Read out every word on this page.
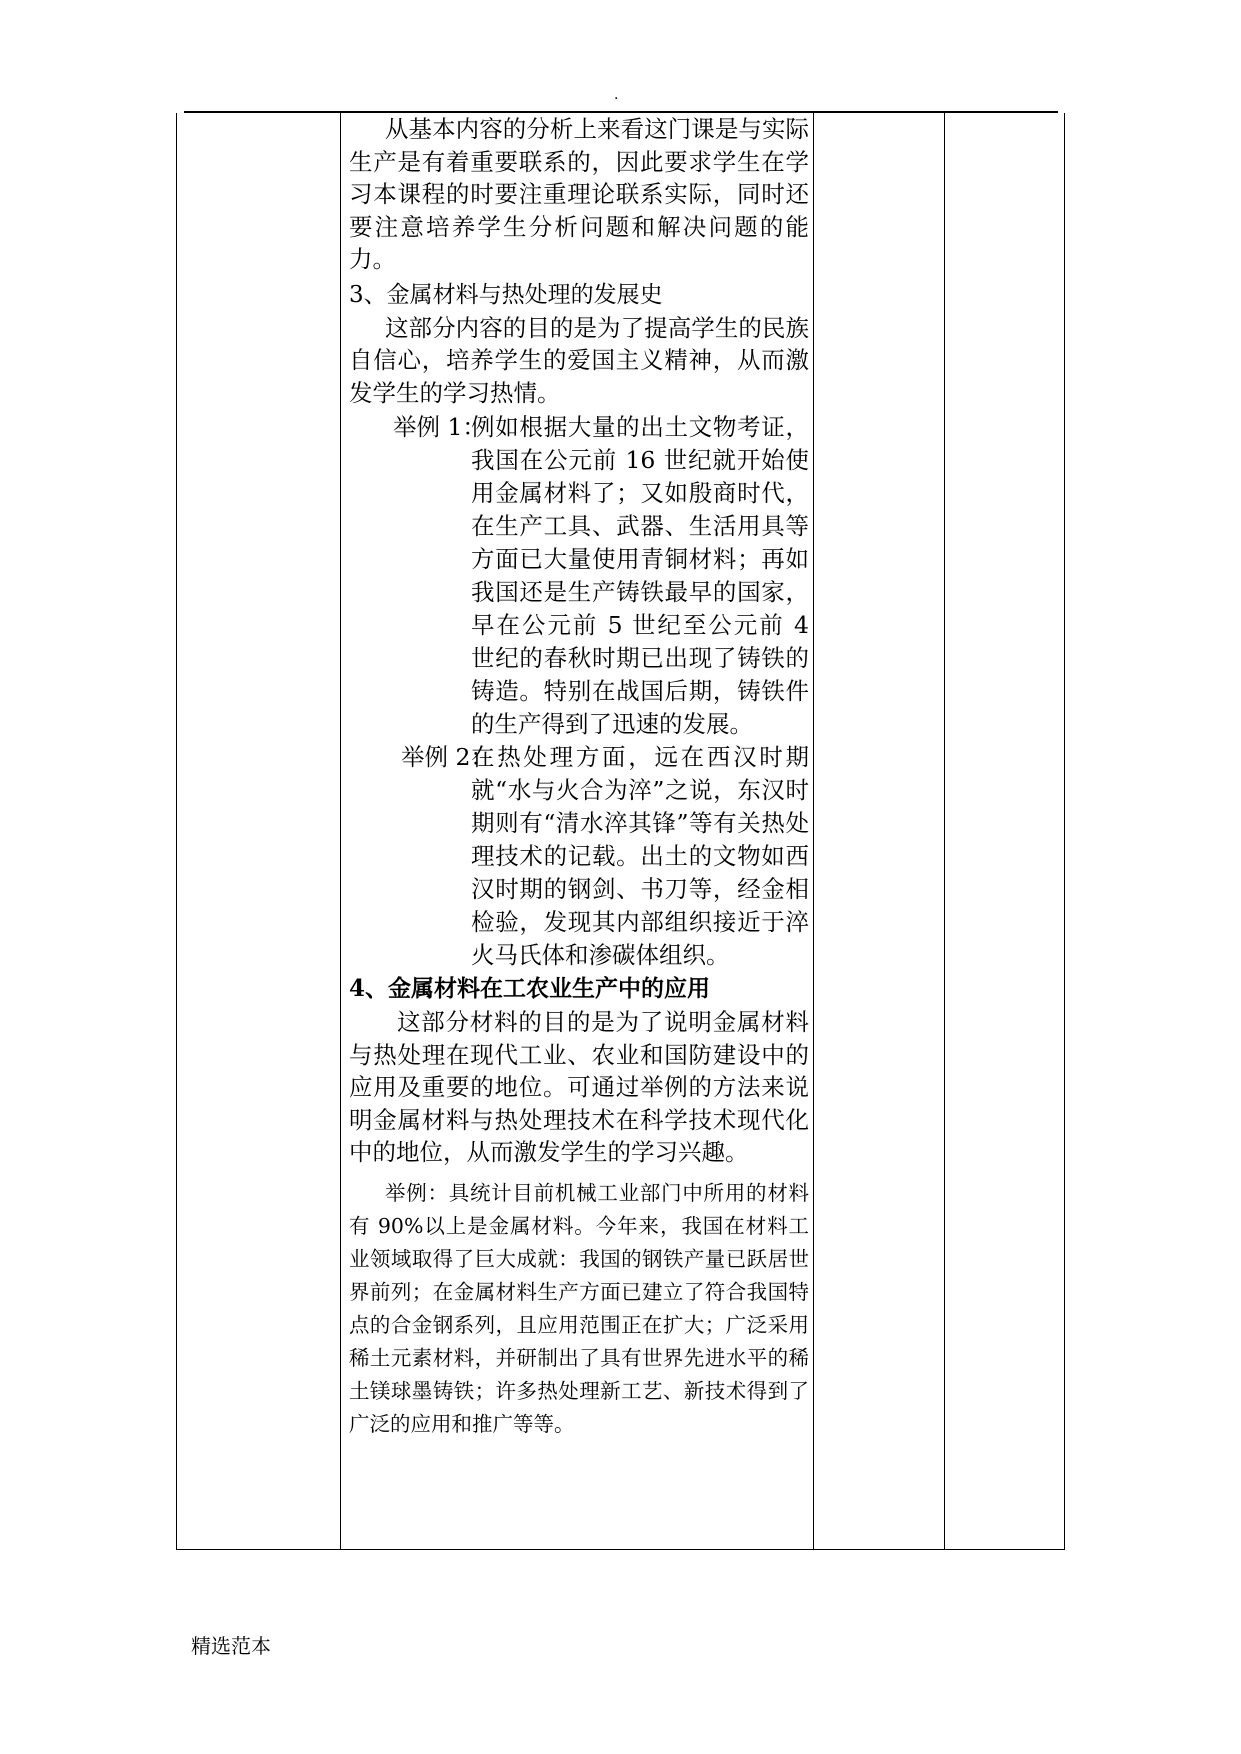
·

从基本内容的分析上来看这门课是与实际生产是有着重要联系的，因此要求学生在学习本课程的时要注重理论联系实际，同时还要注意培养学生分析问题和解决问题的能力。

3、金属材料与热处理的发展史

这部分内容的目的是为了提高学生的民族自信心，培养学生的爱国主义精神，从而激发学生的学习热情。

举例 1：
例如根据大量的出土文物考证，我国在公元前 16 世纪就开始使用金属材料了；又如殷商时代，在生产工具、武器、生活用具等方面已大量使用青铜材料；再如我国还是生产铸铁最早的国家，早在公元前 5 世纪至公元前 4 世纪的春秋时期已出现了铸铁的铸造。特别在战国后期，铸铁件的生产得到了迅速的发展。
举例 2：
在热处理方面，远在西汉时期就“水与火合为淬”之说，东汉时期则有“清水淬其锋”等有关热处理技术的记载。出土的文物如西汉时期的钢剑、书刀等，经金相检验，发现其内部组织接近于淬火马氏体和渗碳体组织。

4、金属材料在工农业生产中的应用

这部分材料的目的是为了说明金属材料与热处理在现代工业、农业和国防建设中的应用及重要的地位。可通过举例的方法来说明金属材料与热处理技术在科学技术现代化中的地位，从而激发学生的学习兴趣。

举例：具统计目前机械工业部门中所用的材料有 90%以上是金属材料。今年来，我国在材料工业领域取得了巨大成就：我国的钢铁产量已跃居世界前列；在金属材料生产方面已建立了符合我国特点的合金钢系列，且应用范围正在扩大；广泛采用稀土元素材料，并研制出了具有世界先进水平的稀土镁球墨铸铁；许多热处理新工艺、新技术得到了广泛的应用和推广等等。

精选范本
